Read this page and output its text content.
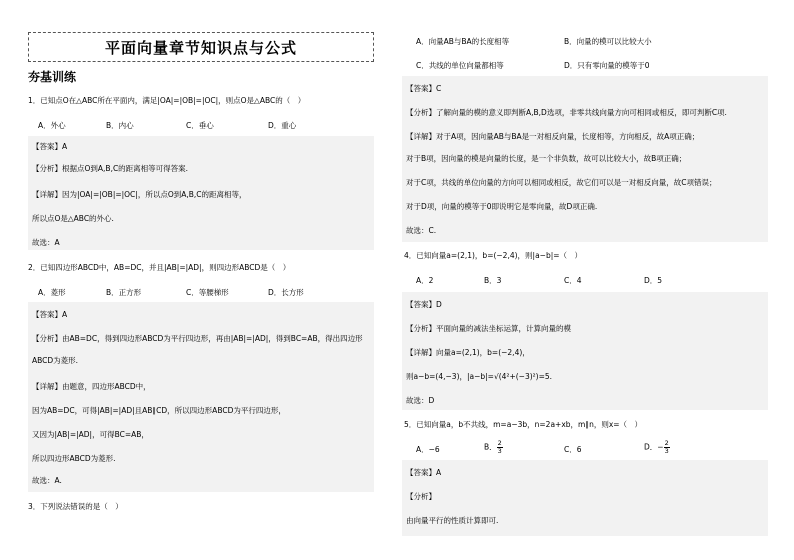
平面向量章节知识点与公式
夯基训练
1．已知点O在△ABC所在平面内，满足|OA|=|OB|=|OC|，则点O是△ABC的（　）
A．外心	B．内心	C．垂心	D．重心
【答案】A
【分析】根据点O到A,B,C的距离相等可得答案.
【详解】因为|OA|=|OB|=|OC|，所以点O到A,B,C的距离相等，
所以点O是△ABC的外心.
故选：A
2．已知四边形ABCD中，AB=DC，并且|AB|=|AD|，则四边形ABCD是（　）
A．菱形	B．正方形	C．等腰梯形	D．长方形
【答案】A
【分析】由AB=DC，得到四边形ABCD为平行四边形，再由|AB|=|AD|，得到BC=AB，得出四边形
ABCD为菱形.
【详解】由题意，四边形ABCD中，
因为AB=DC，可得|AB|=|AD|且AB∥CD，所以四边形ABCD为平行四边形，
又因为|AB|=|AD|，可得BC=AB，
所以四边形ABCD为菱形.
故选：A.
3．下列说法错误的是（　）
A．向量AB与BA的长度相等	B．向量的模可以比较大小
C．共线的单位向量都相等	D．只有零向量的模等于0
【答案】C
【分析】了解向量的模的意义即判断A,B,D选项，非零共线向量方向可相同或相反，即可判断C项.
【详解】对于A项，因向量AB与BA是一对相反向量，长度相等，方向相反，故A项正确；
对于B项，因向量的模是向量的长度，是一个非负数，故可以比较大小，故B项正确；
对于C项，共线的单位向量的方向可以相同或相反，故它们可以是一对相反向量，故C项错误；
对于D项，向量的模等于0即说明它是零向量，故D项正确.
故选：C.
4．已知向量a=(2,1)，b=(−2,4)，则|a−b|=（　）
A．2	B．3	C．4	D．5
【答案】D
【分析】平面向量的减法坐标运算，计算向量的模
【详解】向量a=(2,1)，b=(−2,4)，
则a−b=(4,−3)，|a−b|=√(4²+(−3)²)=5.
故选：D
5．已知向量a，b不共线，m=a−3b，n=2a+xb，m∥n，则x=（　）
A．−6	B． $\frac{2}{3}$	C．6	D．− $\frac{2}{3}$
【答案】A
【分析】
由向量平行的性质计算即可.
